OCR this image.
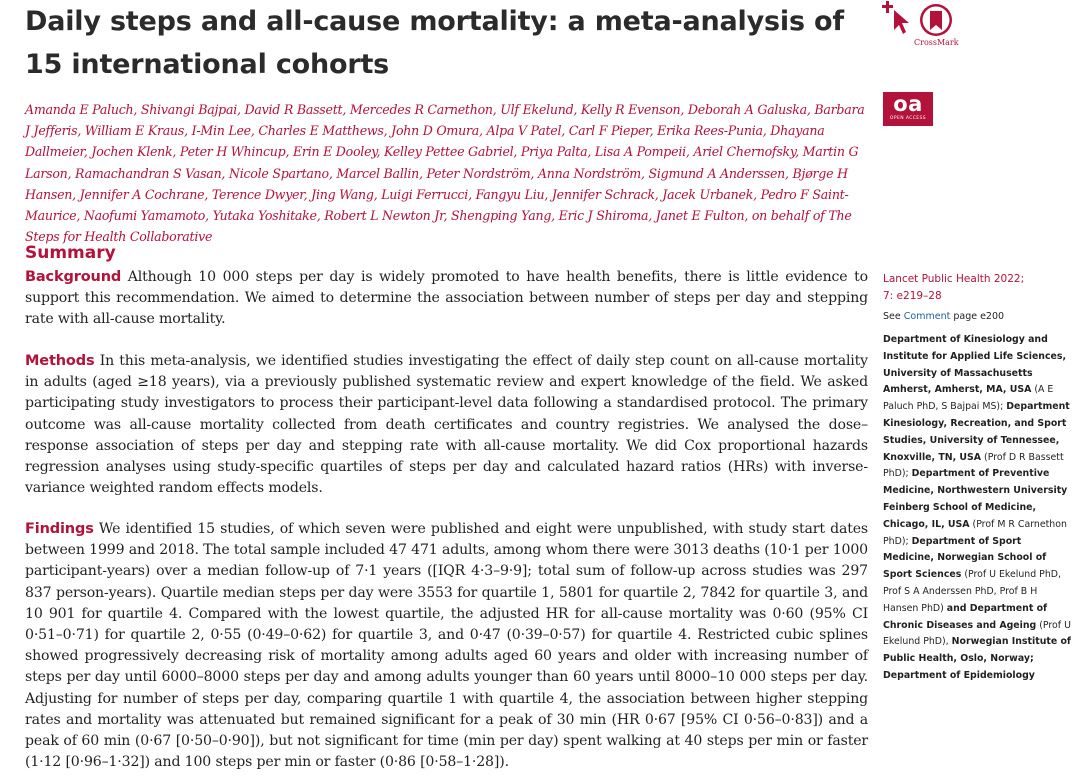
Daily steps and all-cause mortality: a meta-analysis of 15 international cohorts
Amanda E Paluch, Shivangi Bajpai, David R Bassett, Mercedes R Carnethon, Ulf Ekelund, Kelly R Evenson, Deborah A Galuska, Barbara J Jefferis, William E Kraus, I-Min Lee, Charles E Matthews, John D Omura, Alpa V Patel, Carl F Pieper, Erika Rees-Punia, Dhayana Dallmeier, Jochen Klenk, Peter H Whincup, Erin E Dooley, Kelley Pettee Gabriel, Priya Palta, Lisa A Pompeii, Ariel Chernofsky, Martin G Larson, Ramachandran S Vasan, Nicole Spartano, Marcel Ballin, Peter Nordström, Anna Nordström, Sigmund A Anderssen, Bjørge H Hansen, Jennifer A Cochrane, Terence Dwyer, Jing Wang, Luigi Ferrucci, Fangyu Liu, Jennifer Schrack, Jacek Urbanek, Pedro F Saint-Maurice, Naofumi Yamamoto, Yutaka Yoshitake, Robert L Newton Jr, Shengping Yang, Eric J Shiroma, Janet E Fulton, on behalf of The Steps for Health Collaborative
Summary

Background Although 10 000 steps per day is widely promoted to have health benefits, there is little evidence to support this recommendation. We aimed to determine the association between number of steps per day and stepping rate with all-cause mortality.

Methods In this meta-analysis, we identified studies investigating the effect of daily step count on all-cause mortality in adults (aged ≥18 years), via a previously published systematic review and expert knowledge of the field. We asked participating study investigators to process their participant-level data following a standardised protocol. The primary outcome was all-cause mortality collected from death certificates and country registries. We analysed the dose–response association of steps per day and stepping rate with all-cause mortality. We did Cox proportional hazards regression analyses using study-specific quartiles of steps per day and calculated hazard ratios (HRs) with inverse-variance weighted random effects models.

Findings We identified 15 studies, of which seven were published and eight were unpublished, with study start dates between 1999 and 2018. The total sample included 47 471 adults, among whom there were 3013 deaths (10·1 per 1000 participant-years) over a median follow-up of 7·1 years ([IQR 4·3–9·9]; total sum of follow-up across studies was 297 837 person-years). Quartile median steps per day were 3553 for quartile 1, 5801 for quartile 2, 7842 for quartile 3, and 10 901 for quartile 4. Compared with the lowest quartile, the adjusted HR for all-cause mortality was 0·60 (95% CI 0·51–0·71) for quartile 2, 0·55 (0·49–0·62) for quartile 3, and 0·47 (0·39–0·57) for quartile 4. Restricted cubic splines showed progressively decreasing risk of mortality among adults aged 60 years and older with increasing number of steps per day until 6000–8000 steps per day and among adults younger than 60 years until 8000–10 000 steps per day. Adjusting for number of steps per day, comparing quartile 1 with quartile 4, the association between higher stepping rates and mortality was attenuated but remained significant for a peak of 30 min (HR 0·67 [95% CI 0·56–0·83]) and a peak of 60 min (0·67 [0·50–0·90]), but not significant for time (min per day) spent walking at 40 steps per min or faster (1·12 [0·96–1·32]) and 100 steps per min or faster (0·86 [0·58–1·28]).

CrossMark
oa
OPEN ACCESS
Lancet Public Health 2022;
7: e219–28
See Comment page e200
Department of Kinesiology and Institute for Applied Life Sciences, University of Massachusetts Amherst, Amherst, MA, USA (A E Paluch PhD, S Bajpai MS); Department Kinesiology, Recreation, and Sport Studies, University of Tennessee, Knoxville, TN, USA (Prof D R Bassett PhD); Department of Preventive Medicine, Northwestern University Feinberg School of Medicine, Chicago, IL, USA (Prof M R Carnethon PhD); Department of Sport Medicine, Norwegian School of Sport Sciences (Prof U Ekelund PhD, Prof S A Anderssen PhD, Prof B H Hansen PhD) and Department of Chronic Diseases and Ageing (Prof U Ekelund PhD), Norwegian Institute of Public Health, Oslo, Norway; Department of Epidemiology
